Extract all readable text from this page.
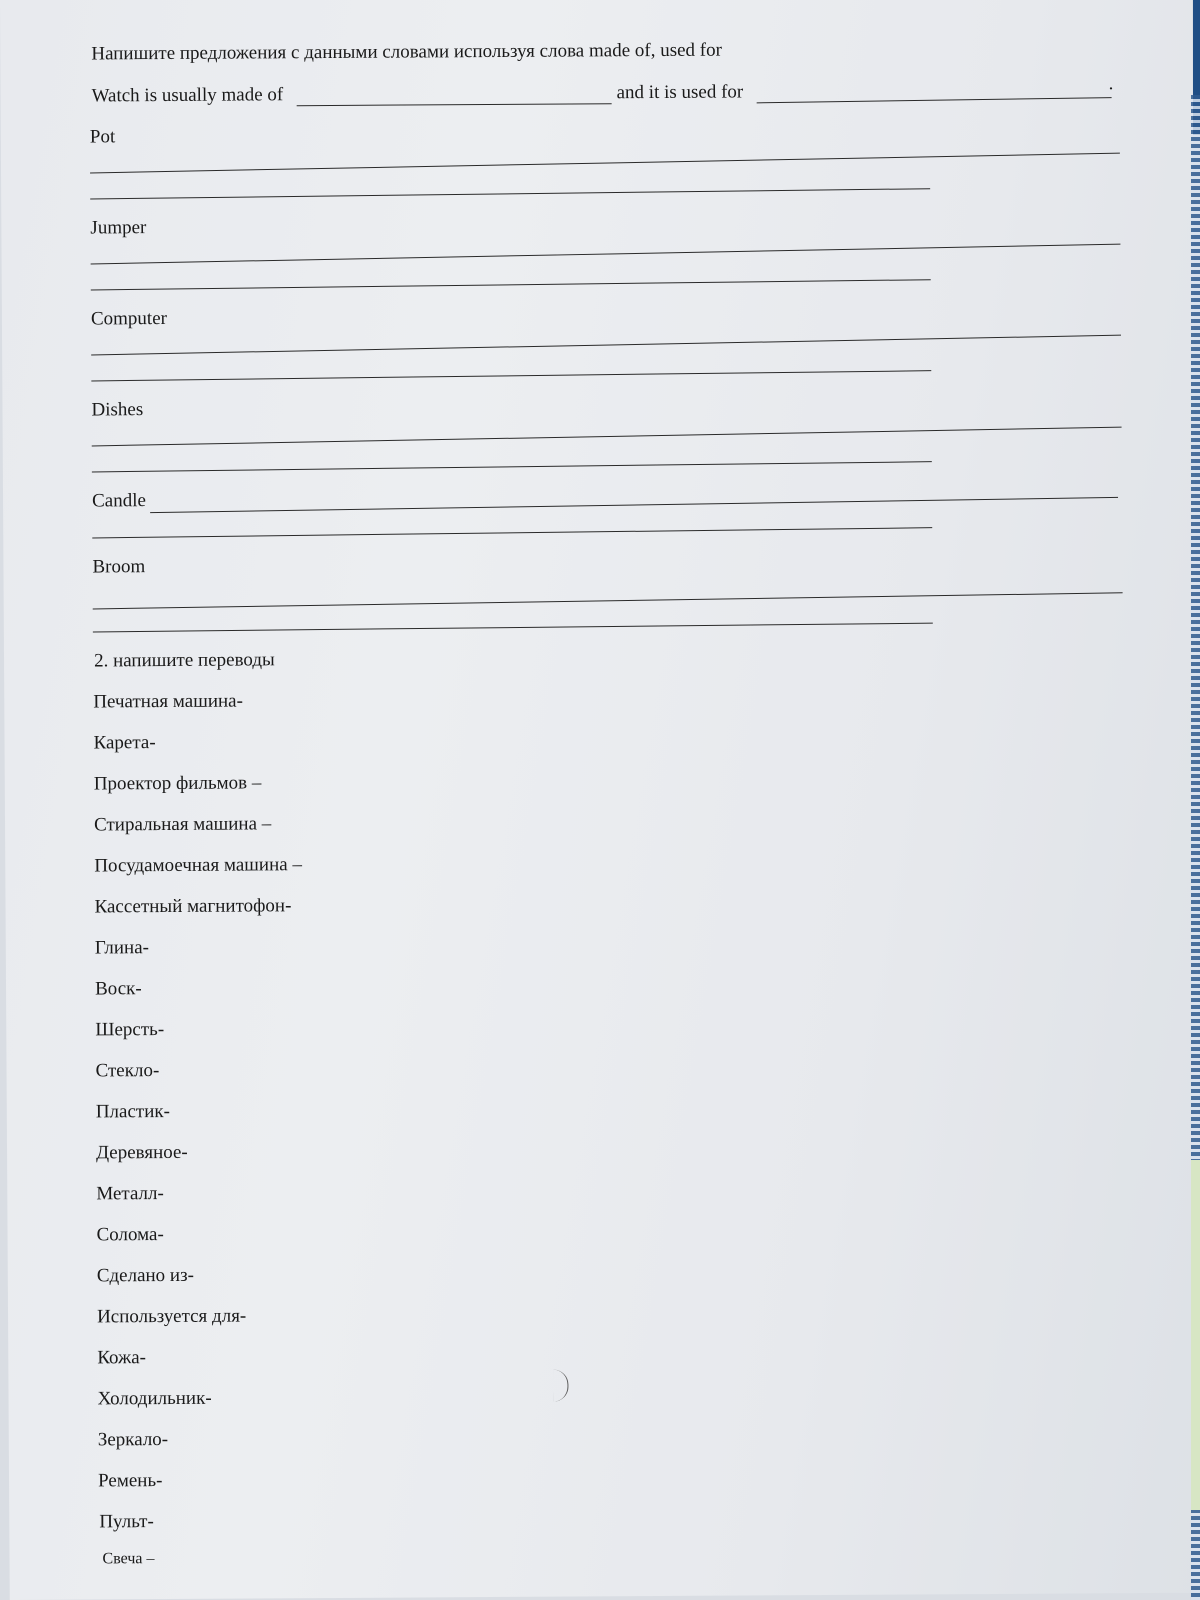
Напишите предложения с данными словами используя слова made of, used for
Watch is usually made of	and it is used for	.
Pot
Jumper
Computer
Dishes
Candle
Broom
2. напишите переводы
Печатная машина-
Карета-
Проектор фильмов –
Стиральная машина –
Посудамоечная машина –
Кассетный магнитофон-
Глина-
Воск-
Шерсть-
Стекло-
Пластик-
Деревяное-
Металл-
Солома-
Сделано из-
Используется для-
Кожа-
Холодильник-
Зеркало-
Ремень-
Пульт-
Свеча –
